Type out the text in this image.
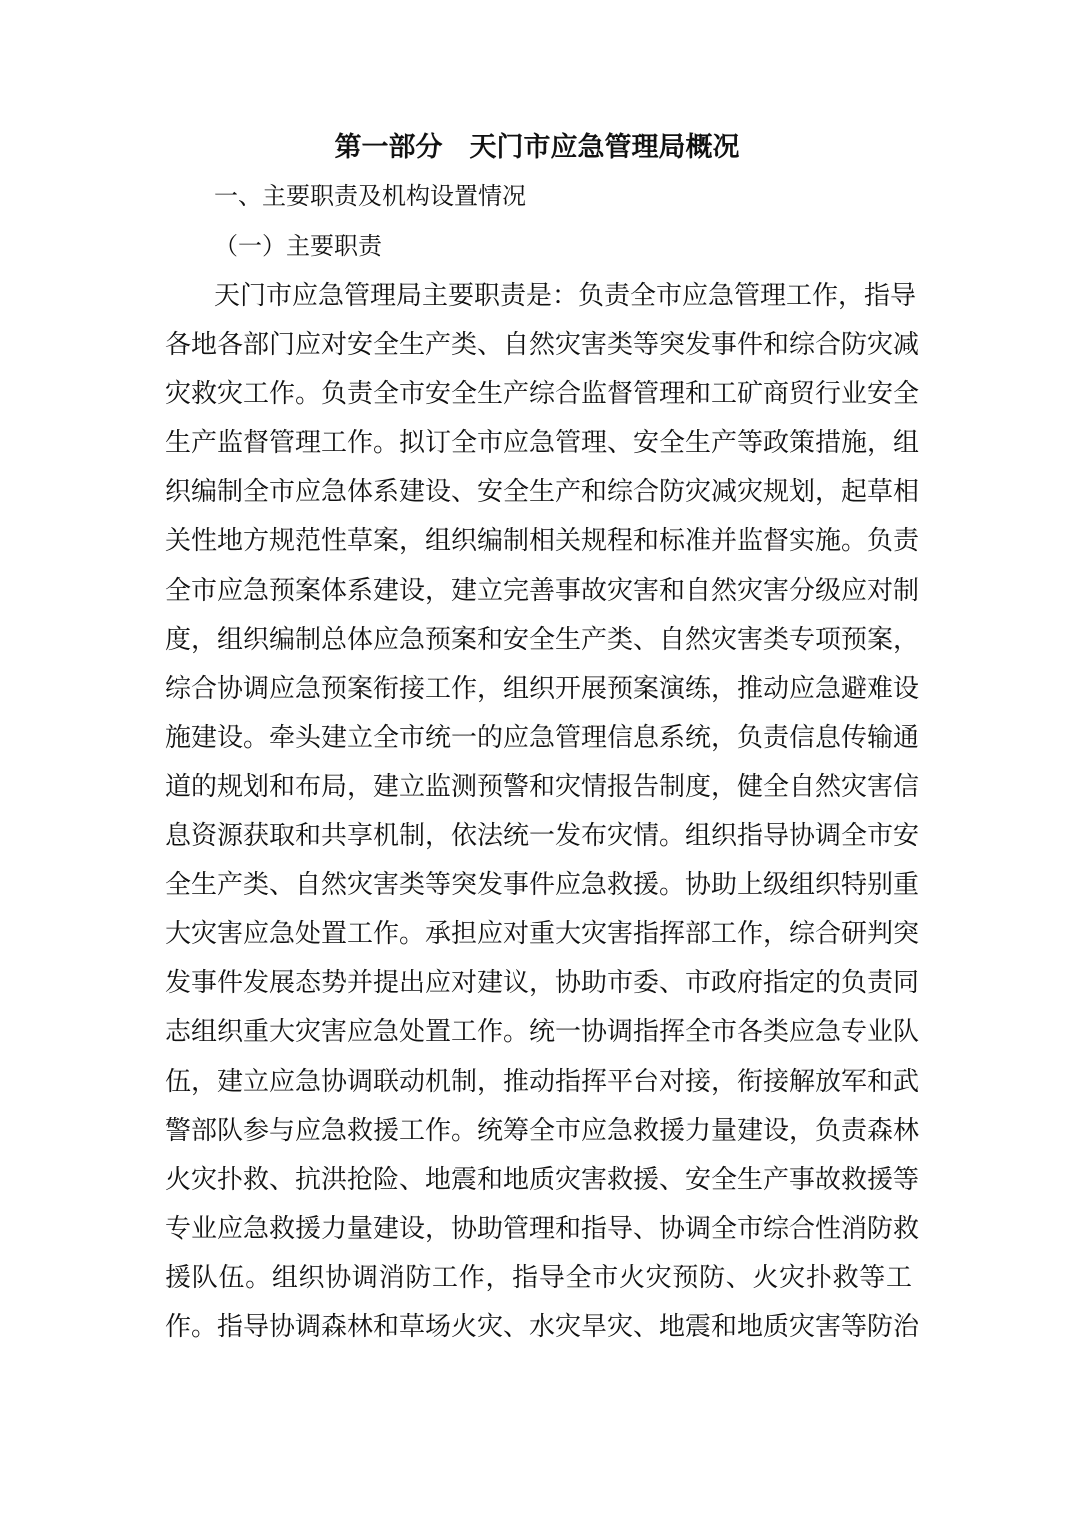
第一部分　天门市应急管理局概况
一、主要职责及机构设置情况
（一）主要职责
天门市应急管理局主要职责是：负责全市应急管理工作，指导
各地各部门应对安全生产类、自然灾害类等突发事件和综合防灾减
灾救灾工作。负责全市安全生产综合监督管理和工矿商贸行业安全
生产监督管理工作。拟订全市应急管理、安全生产等政策措施，组
织编制全市应急体系建设、安全生产和综合防灾减灾规划，起草相
关性地方规范性草案，组织编制相关规程和标准并监督实施。负责
全市应急预案体系建设，建立完善事故灾害和自然灾害分级应对制
度，组织编制总体应急预案和安全生产类、自然灾害类专项预案，
综合协调应急预案衔接工作，组织开展预案演练，推动应急避难设
施建设。牵头建立全市统一的应急管理信息系统，负责信息传输通
道的规划和布局，建立监测预警和灾情报告制度，健全自然灾害信
息资源获取和共享机制，依法统一发布灾情。组织指导协调全市安
全生产类、自然灾害类等突发事件应急救援。协助上级组织特别重
大灾害应急处置工作。承担应对重大灾害指挥部工作，综合研判突
发事件发展态势并提出应对建议，协助市委、市政府指定的负责同
志组织重大灾害应急处置工作。统一协调指挥全市各类应急专业队
伍，建立应急协调联动机制，推动指挥平台对接，衔接解放军和武
警部队参与应急救援工作。统筹全市应急救援力量建设，负责森林
火灾扑救、抗洪抢险、地震和地质灾害救援、安全生产事故救援等
专业应急救援力量建设，协助管理和指导、协调全市综合性消防救
援队伍。组织协调消防工作，指导全市火灾预防、火灾扑救等工
作。指导协调森林和草场火灾、水灾旱灾、地震和地质灾害等防治
